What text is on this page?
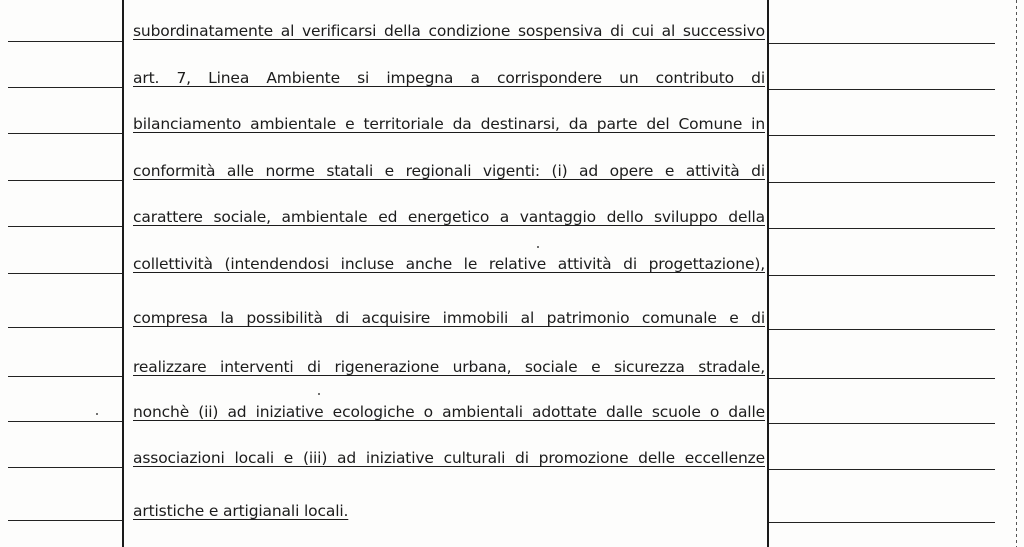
subordinatamente al verificarsi della condizione sospensiva di cui al successivo
art. 7, Linea Ambiente si impegna a corrispondere un contributo di
bilanciamento ambientale e territoriale da destinarsi, da parte del Comune in
conformità alle norme statali e regionali vigenti: (i) ad opere e attività di
carattere sociale, ambientale ed energetico a vantaggio dello sviluppo della
collettività (intendendosi incluse anche le relative attività di progettazione),
compresa la possibilità di acquisire immobili al patrimonio comunale e di
realizzare interventi di rigenerazione urbana, sociale e sicurezza stradale,
nonchè (ii) ad iniziative ecologiche o ambientali adottate dalle scuole o dalle
associazioni locali e (iii) ad iniziative culturali di promozione delle eccellenze
artistiche e artigianali locali.
